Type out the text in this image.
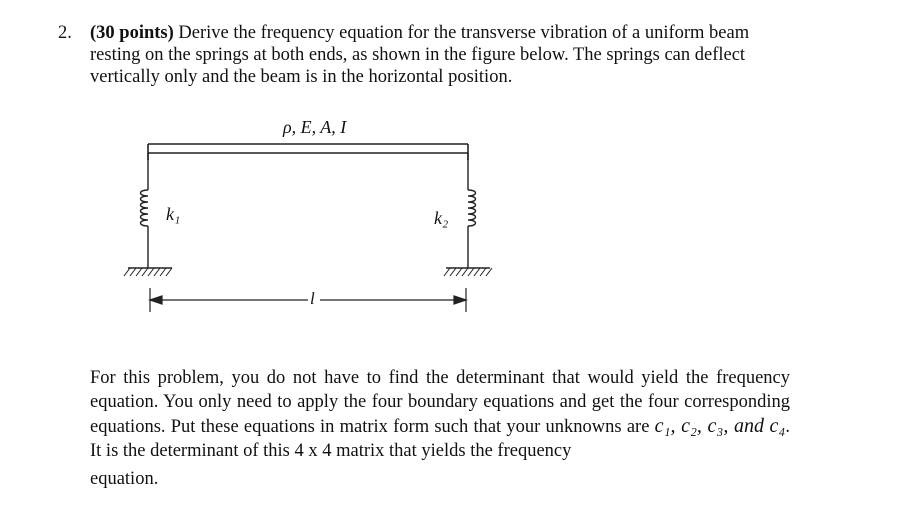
2. (30 points) Derive the frequency equation for the transverse vibration of a uniform beam resting on the springs at both ends, as shown in the figure below. The springs can deflect vertically only and the beam is in the horizontal position.
ρ, E, A, I
k₁	k₂
l
For this problem, you do not have to find the determinant that would yield the frequency equation. You only need to apply the four boundary equations and get the four corresponding equations. Put these equations in matrix form such that your unknowns are c₁, c₂, c₃, and c₄. It is the determinant of this 4 x 4 matrix that yields the frequency
equation.
